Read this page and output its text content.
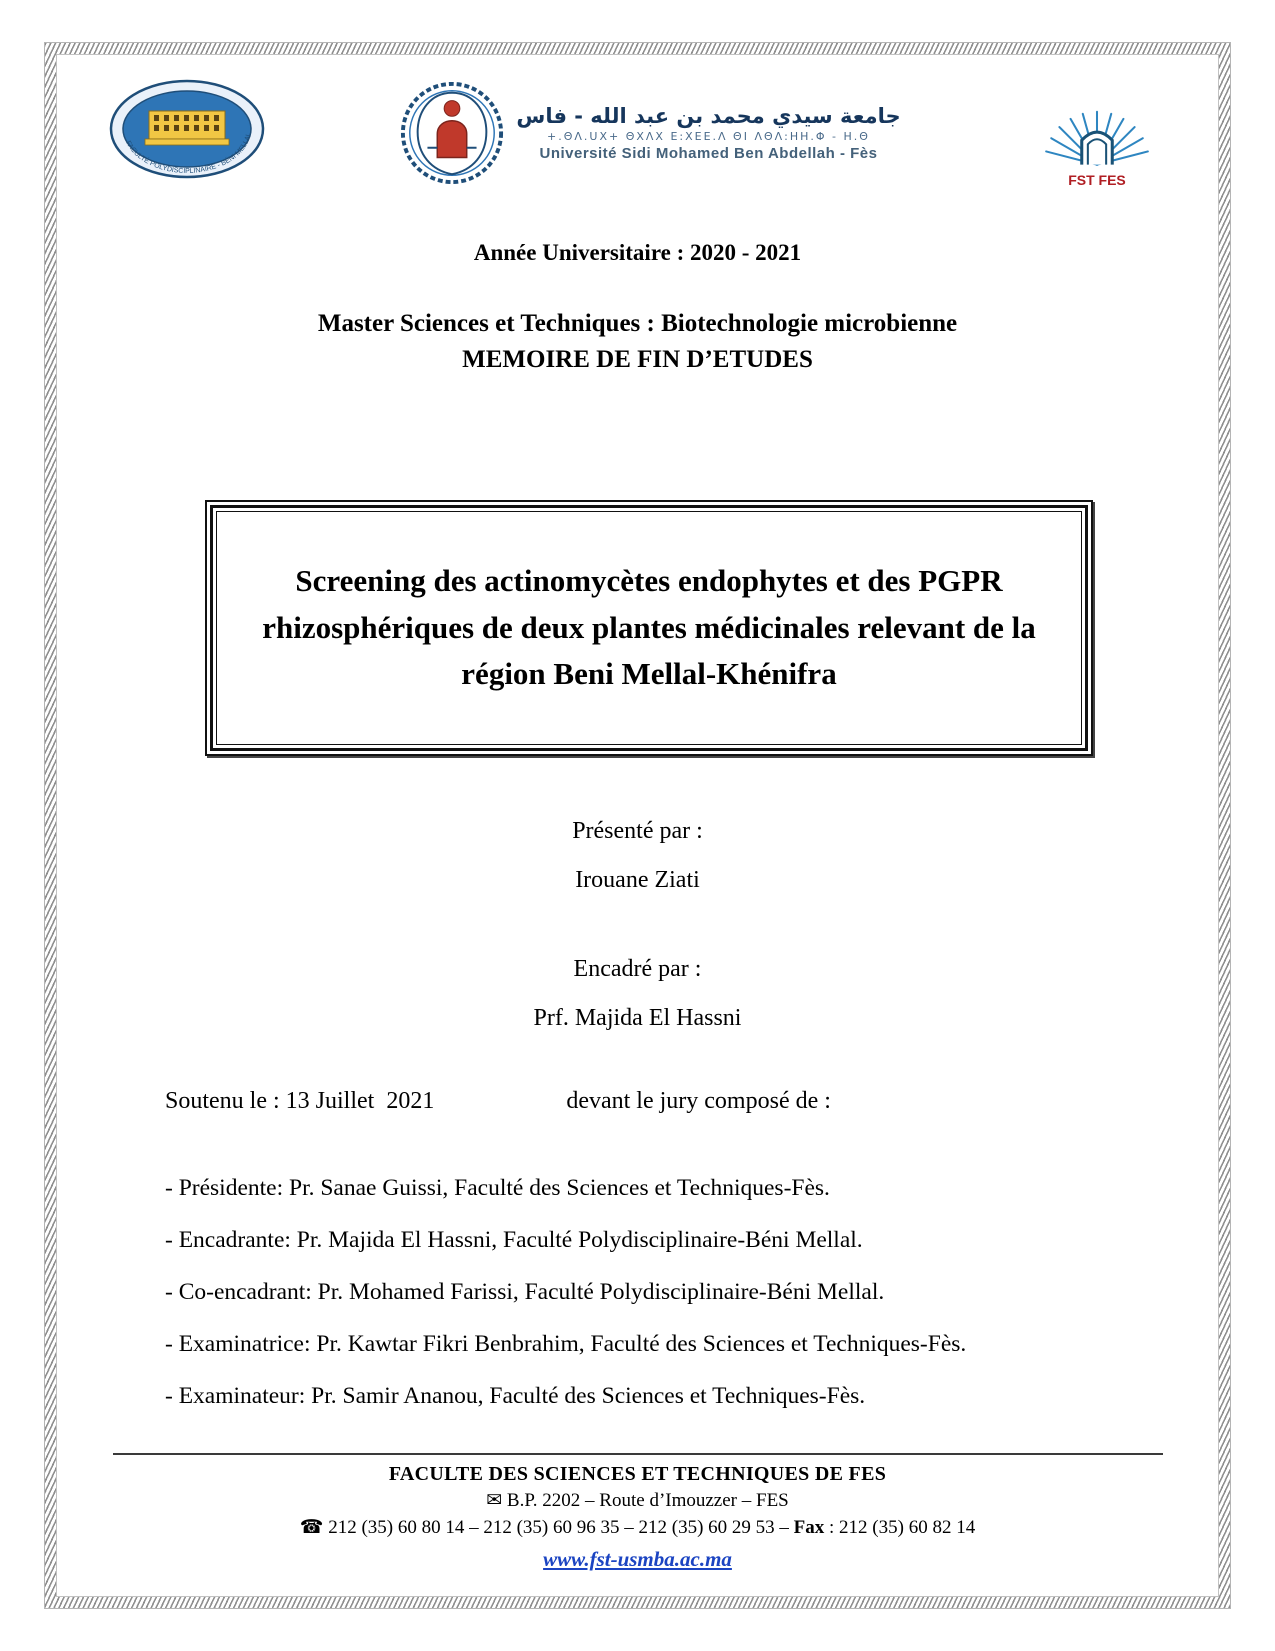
FACULTÉ POLYDISCIPLINAIRE - BÉNI MELLAL
جامعة سيدي محمد بن عبد الله - فاس
+.ΘΛ.UX+ ΘXΛX Ε:XΕΕ.Λ ΘΙ ΛΘΛ:ΗΗ.Φ - Η.Θ
Université Sidi Mohamed Ben Abdellah - Fès
FST FES
Année Universitaire : 2020 - 2021
Master Sciences et Techniques : Biotechnologie microbienne
MEMOIRE DE FIN D’ETUDES
Screening des actinomycètes endophytes et des PGPR rhizosphériques de deux plantes médicinales relevant de la région Beni Mellal-Khénifra
Présenté par :
Irouane Ziati
Encadré par :
Prf. Majida El Hassni
Soutenu le : 13 Juillet  2021	devant le jury composé de :
- Présidente: Pr. Sanae Guissi, Faculté des Sciences et Techniques-Fès.
- Encadrante: Pr. Majida El Hassni, Faculté Polydisciplinaire-Béni Mellal.
- Co-encadrant: Pr. Mohamed Farissi, Faculté Polydisciplinaire-Béni Mellal.
- Examinatrice: Pr. Kawtar Fikri Benbrahim, Faculté des Sciences et Techniques-Fès.
- Examinateur: Pr. Samir Ananou, Faculté des Sciences et Techniques-Fès.
FACULTE DES SCIENCES ET TECHNIQUES DE FES
✉ B.P. 2202 – Route d’Imouzzer – FES
☎ 212 (35) 60 80 14 – 212 (35) 60 96 35 – 212 (35) 60 29 53 – Fax : 212 (35) 60 82 14
www.fst-usmba.ac.ma
